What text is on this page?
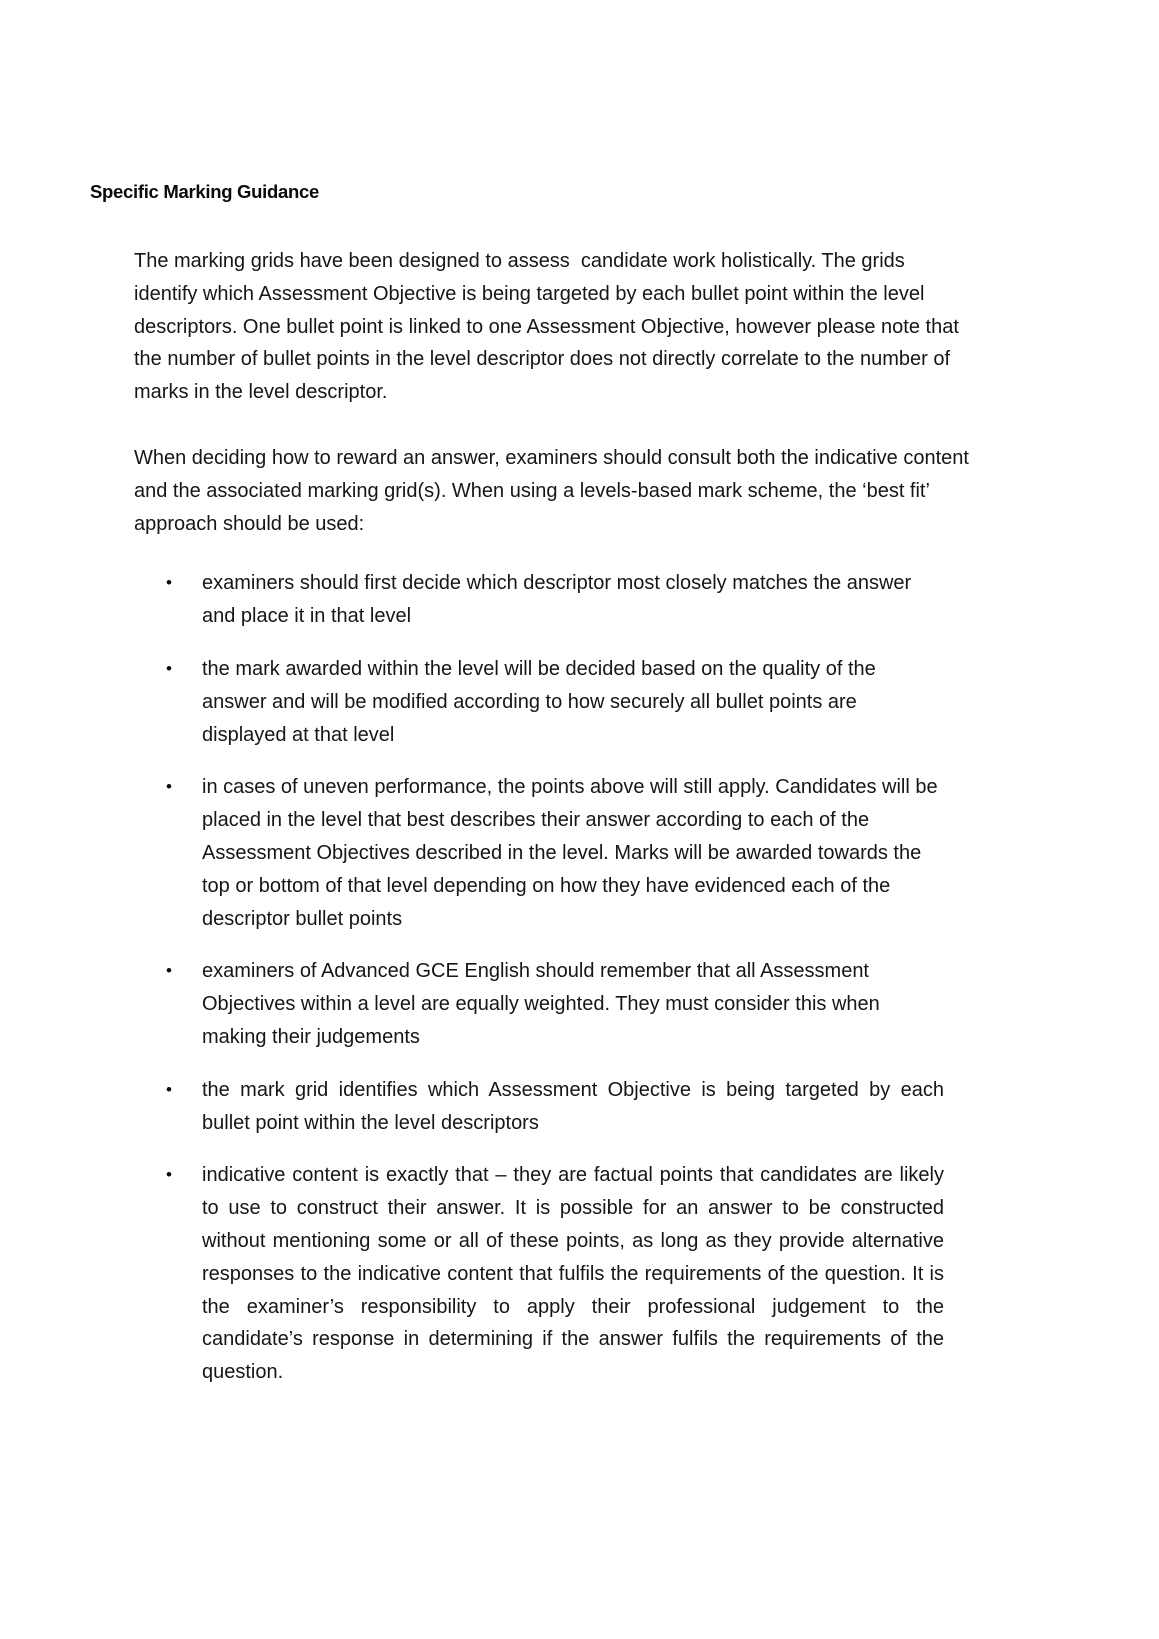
Specific Marking Guidance

The marking grids have been designed to assess  candidate work holistically. The grids identify which Assessment Objective is being targeted by each bullet point within the level descriptors. One bullet point is linked to one Assessment Objective, however please note that the number of bullet points in the level descriptor does not directly correlate to the number of marks in the level descriptor.

When deciding how to reward an answer, examiners should consult both the indicative content and the associated marking grid(s). When using a levels-based mark scheme, the ‘best fit’ approach should be used:

• examiners should first decide which descriptor most closely matches the answer and place it in that level
• the mark awarded within the level will be decided based on the quality of the answer and will be modified according to how securely all bullet points are displayed at that level
• in cases of uneven performance, the points above will still apply. Candidates will be placed in the level that best describes their answer according to each of the Assessment Objectives described in the level. Marks will be awarded towards the top or bottom of that level depending on how they have evidenced each of the descriptor bullet points
• examiners of Advanced GCE English should remember that all Assessment Objectives within a level are equally weighted. They must consider this when making their judgements
• the mark grid identifies which Assessment Objective is being targeted by each bullet point within the level descriptors
• indicative content is exactly that – they are factual points that candidates are likely to use to construct their answer. It is possible for an answer to be constructed without mentioning some or all of these points, as long as they provide alternative responses to the indicative content that fulfils the requirements of the question. It is the examiner’s responsibility to apply their professional judgement to the candidate’s response in determining if the answer fulfils the requirements of the question.
